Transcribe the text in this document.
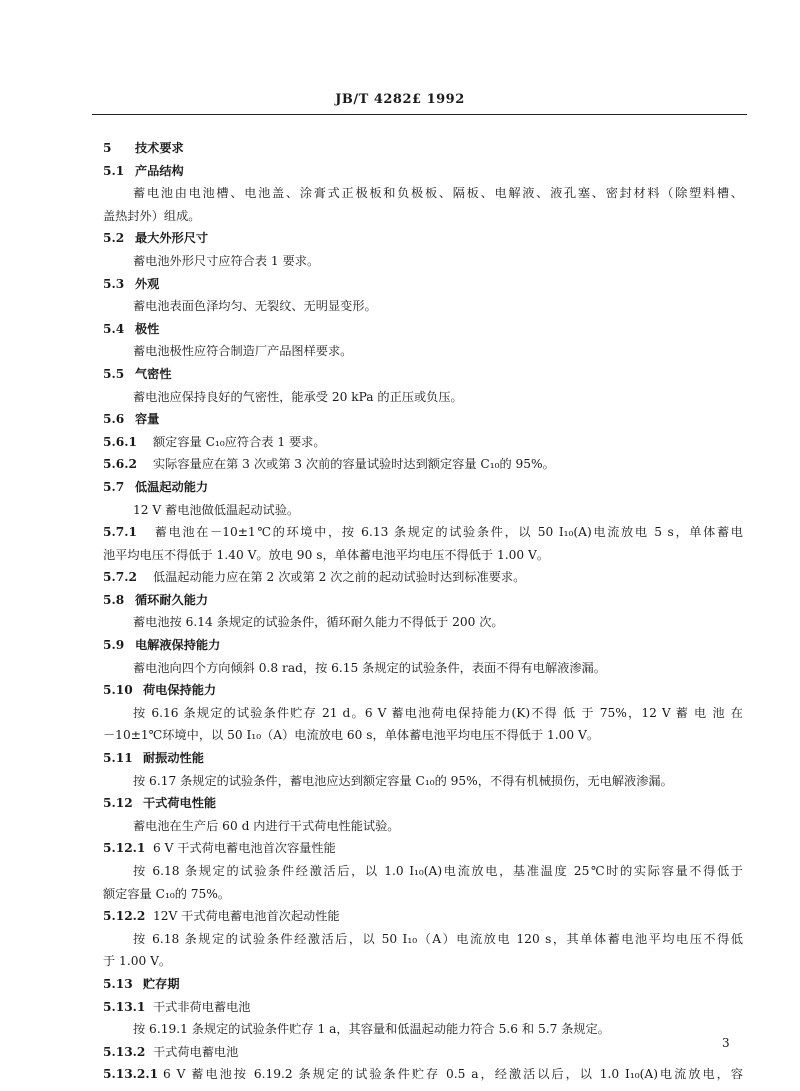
JB/T 4282£ 1992
5 技术要求
5.1 产品结构
蓄电池由电池槽、电池盖、涂膏式正极板和负极板、隔板、电解液、液孔塞、密封材料（除塑料槽、
盖热封外）组成。
5.2 最大外形尺寸
蓄电池外形尺寸应符合表 1 要求。
5.3 外观
蓄电池表面色泽均匀、无裂纹、无明显变形。
5.4 极性
蓄电池极性应符合制造厂产品图样要求。
5.5 气密性
蓄电池应保持良好的气密性，能承受 20 kPa 的正压或负压。
5.6 容量
5.6.1 额定容量 C₁₀应符合表 1 要求。
5.6.2 实际容量应在第 3 次或第 3 次前的容量试验时达到额定容量 C₁₀的 95%。
5.7 低温起动能力
12 V 蓄电池做低温起动试验。
5.7.1 蓄电池在－10±1℃的环境中，按 6.13 条规定的试验条件，以 50 I₁₀(A)电流放电 5 s，单体蓄电
池平均电压不得低于 1.40 V。放电 90 s，单体蓄电池平均电压不得低于 1.00 V。
5.7.2 低温起动能力应在第 2 次或第 2 次之前的起动试验时达到标准要求。
5.8 循环耐久能力
蓄电池按 6.14 条规定的试验条件，循环耐久能力不得低于 200 次。
5.9 电解液保持能力
蓄电池向四个方向倾斜 0.8 rad，按 6.15 条规定的试验条件，表面不得有电解液渗漏。
5.10 荷电保持能力
按 6.16 条规定的试验条件贮存 21 d。6 V 蓄电池荷电保持能力(K)不得 低 于 75%，12 V 蓄 电 池 在
－10±1℃环境中，以 50 I₁₀（A）电流放电 60 s，单体蓄电池平均电压不得低于 1.00 V。
5.11 耐振动性能
按 6.17 条规定的试验条件，蓄电池应达到额定容量 C₁₀的 95%，不得有机械损伤，无电解液渗漏。
5.12 干式荷电性能
蓄电池在生产后 60 d 内进行干式荷电性能试验。
5.12.1 6 V 干式荷电蓄电池首次容量性能
按 6.18 条规定的试验条件经激活后，以 1.0 I₁₀(A)电流放电，基准温度 25℃时的实际容量不得低于
额定容量 C₁₀的 75%。
5.12.2 12V 干式荷电蓄电池首次起动性能
按 6.18 条规定的试验条件经激活后，以 50 I₁₀（A）电流放电 120 s，其单体蓄电池平均电压不得低
于 1.00 V。
5.13 贮存期
5.13.1 干式非荷电蓄电池
按 6.19.1 条规定的试验条件贮存 1 a，其容量和低温起动能力符合 5.6 和 5.7 条规定。
5.13.2 干式荷电蓄电池
5.13.2.1 6 V 蓄电池按 6.19.2 条规定的试验条件贮存 0.5 a，经激活以后，以 1.0 I₁₀(A)电流放电，容
3
